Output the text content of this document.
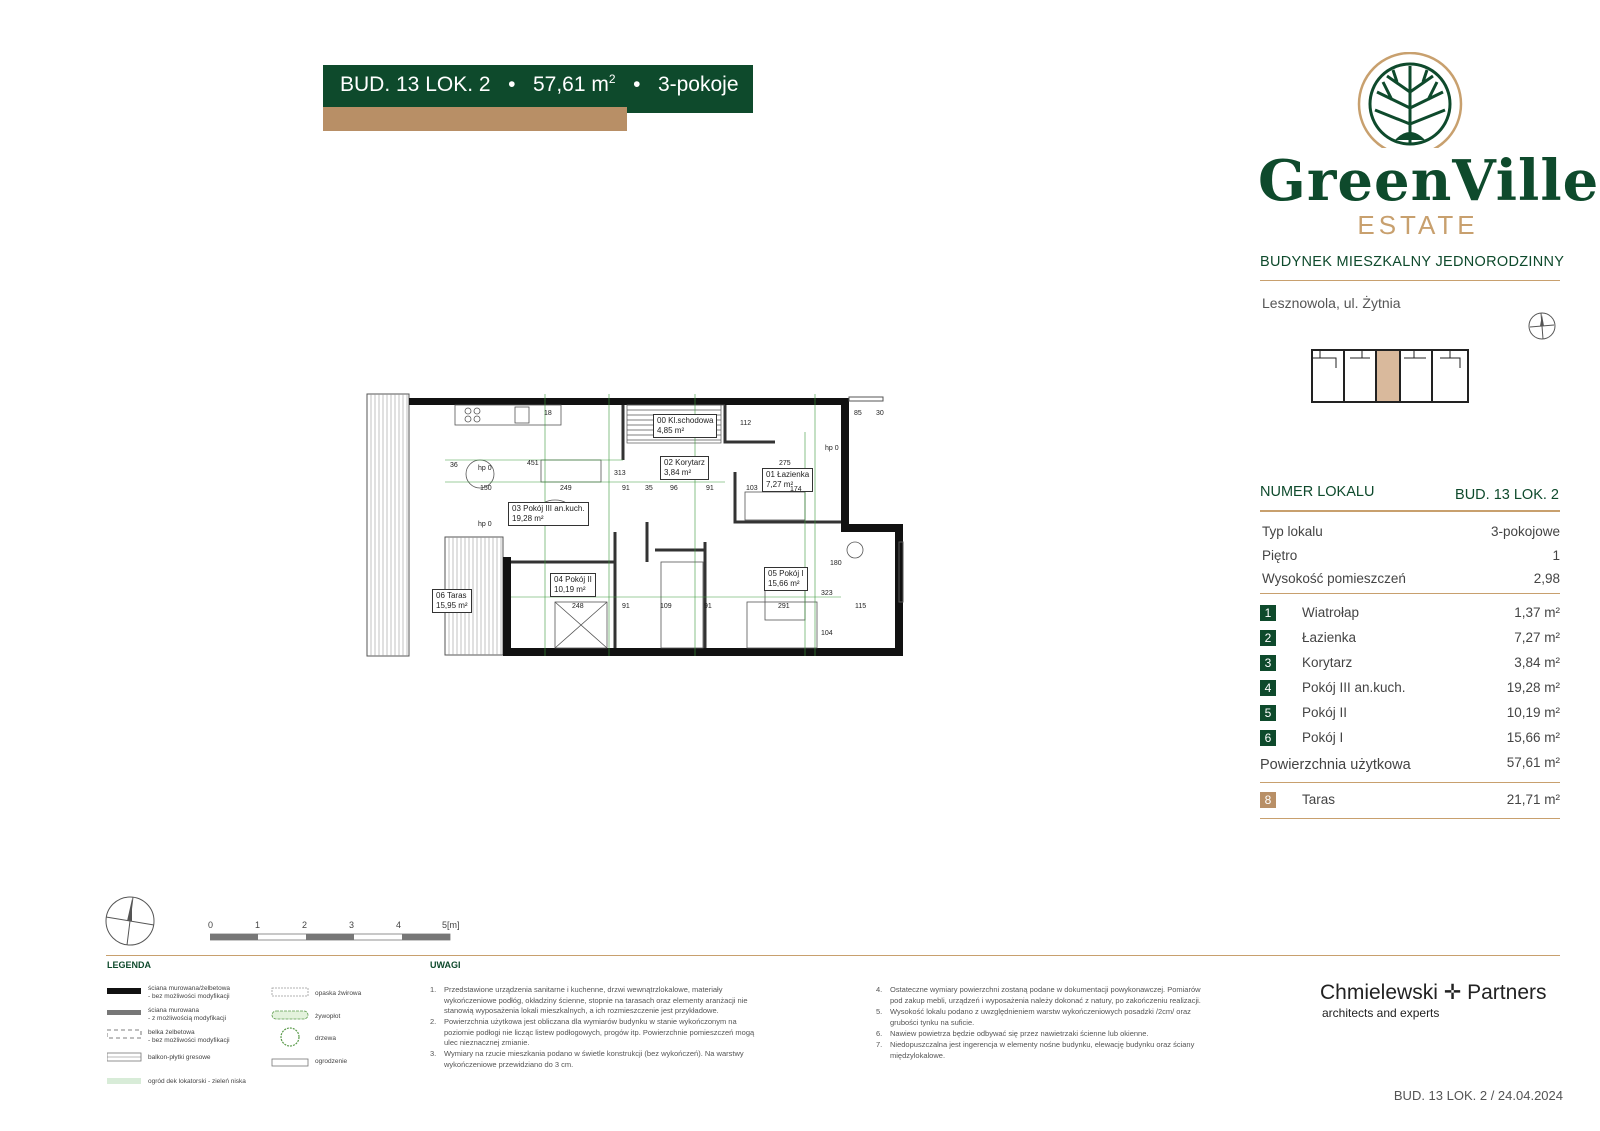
BUD. 13 LOK. 2 • 57,61 $m^2$ • 3-pokoje
GreenVille
ESTATE
BUDYNEK MIESZKALNY JEDNORODZINNY
Lesznowola, ul. Żytnia
NUMER LOKALU	BUD. 13 LOK. 2
Typ lokalu	3-pokojowe
Piętro	1
Wysokość pomieszczeń	2,98
1	Wiatrołap	1,37 m²
2	Łazienka	7,27 m²
3	Korytarz	3,84 m²
4	Pokój III an.kuch.	19,28 m²
5	Pokój II	10,19 m²
6	Pokój I	15,66 m²
Powierzchnia użytkowa	57,61 m²
8	Taras	21,71 m²
00 Kl.schodowa
4,85 m²
02 Korytarz
3,84 m²	01 Łazienka
7,27 m²
03 Pokój III an.kuch.
19,28 m²
04 Pokój II
10,19 m²
05 Pokój I
15,66 m²
06 Taras
15,95 m²
451
150	249	91 35 96	91
275
103	174
85 30
248	91	109	91	291	115
313
323
104
180
112
18
36	hp 0
hp 0
hp 0
0	1	2	3	4	5[m]
LEGENDA
ściana murowana/żelbetowa
- bez możliwości modyfikacji
ściana murowana
- z możliwością modyfikacji
belka żelbetowa
- bez możliwości modyfikacji
balkon-płytki gresowe
ogród dek lokatorski - zieleń niska
opaska żwirowa
żywopłot
drzewa
ogrodzenie
UWAGI
1. Przedstawione urządzenia sanitarne i kuchenne, drzwi wewnątrzlokalowe, materiały
wykończeniowe podłóg, okładziny ścienne, stopnie na tarasach oraz elementy aranżacji nie
stanowią wyposażenia lokali mieszkalnych, a ich rozmieszczenie jest przykładowe.
2. Powierzchnia użytkowa jest obliczana dla wymiarów budynku w stanie wykończonym na
poziomie podłogi nie licząc listew podłogowych, progów itp. Powierzchnie pomieszczeń mogą
ulec nieznacznej zmianie.
3. Wymiary na rzucie mieszkania podano w świetle konstrukcji (bez wykończeń). Na warstwy
wykończeniowe przewidziano do 3 cm.
4. Ostateczne wymiary powierzchni zostaną podane w dokumentacji powykonawczej. Pomiarów
pod zakup mebli, urządzeń i wyposażenia należy dokonać z natury, po zakończeniu realizacji.
5. Wysokość lokalu podano z uwzględnieniem warstw wykończeniowych posadzki /2cm/ oraz
grubości tynku na suficie.
6. Nawiew powietrza będzie odbywać się przez nawietrzaki ścienne lub okienne.
7. Niedopuszczalna jest ingerencja w elementy nośne budynku, elewację budynku oraz ściany
międzylokalowe.
Chmielewski ✛ Partners
architects and experts
BUD. 13 LOK. 2 / 24.04.2024
